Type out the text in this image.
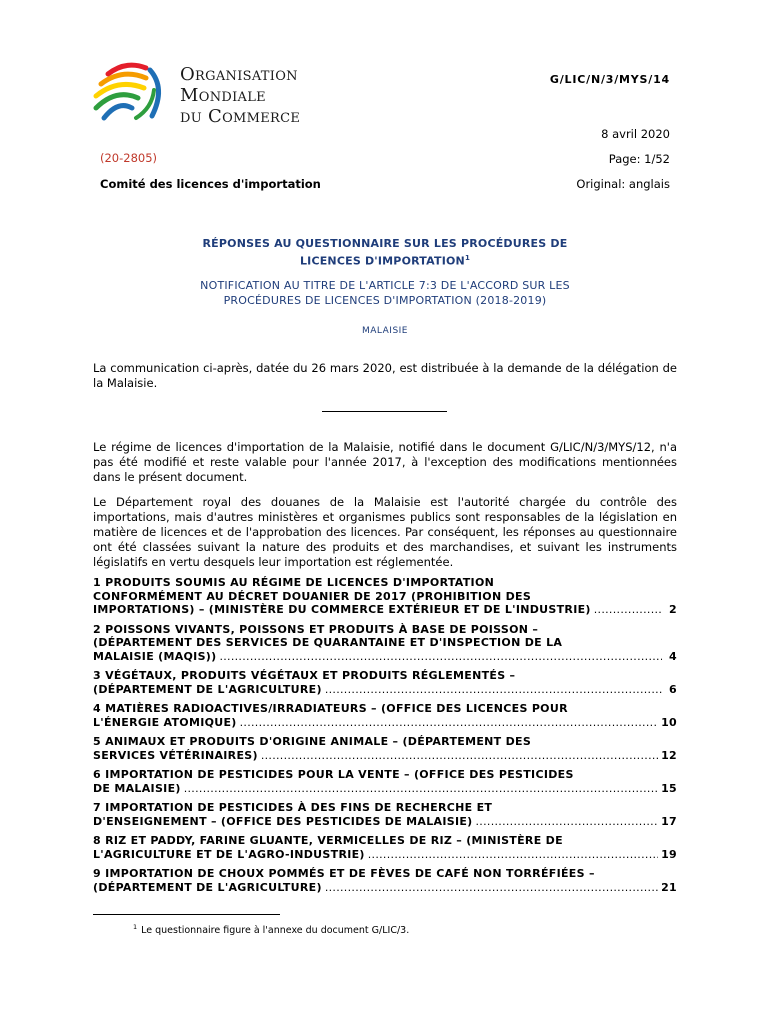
Organisation
Mondiale
du Commerce
G/LIC/N/3/MYS/14
8 avril 2020
(20-2805)	Page: 1/52
Comité des licences d'importation	Original: anglais
RÉPONSES AU QUESTIONNAIRE SUR LES PROCÉDURES DE
LICENCES D'IMPORTATION$^1$
NOTIFICATION AU TITRE DE L'ARTICLE 7:3 DE L'ACCORD SUR LES
PROCÉDURES DE LICENCES D'IMPORTATION (2018-2019)
MALAISIE
La communication ci-après, datée du 26 mars 2020, est distribuée à la demande de la délégation de la Malaisie.
Le régime de licences d'importation de la Malaisie, notifié dans le document G/LIC/N/3/MYS/12, n'a pas été modifié et reste valable pour l'année 2017, à l'exception des modifications mentionnées dans le présent document.
Le Département royal des douanes de la Malaisie est l'autorité chargée du contrôle des importations, mais d'autres ministères et organismes publics sont responsables de la législation en matière de licences et de l'approbation des licences. Par conséquent, les réponses au questionnaire ont été classées suivant la nature des produits et des marchandises, et suivant les instruments législatifs en vertu desquels leur importation est réglementée.
1 PRODUITS SOUMIS AU RÉGIME DE LICENCES D'IMPORTATION
CONFORMÉMENT AU DÉCRET DOUANIER DE 2017 (PROHIBITION DES
IMPORTATIONS) – (MINISTÈRE DU COMMERCE EXTÉRIEUR ET DE L'INDUSTRIE) .....	2
2 POISSONS VIVANTS, POISSONS ET PRODUITS À BASE DE POISSON –
(DÉPARTEMENT DES SERVICES DE QUARANTAINE ET D'INSPECTION DE LA
MALAISIE (MAQIS)) .....	4
3 VÉGÉTAUX, PRODUITS VÉGÉTAUX ET PRODUITS RÉGLEMENTÉS –
(DÉPARTEMENT DE L'AGRICULTURE) .....	6
4 MATIÈRES RADIOACTIVES/IRRADIATEURS – (OFFICE DES LICENCES POUR
L'ÉNERGIE ATOMIQUE) .....	10
5 ANIMAUX ET PRODUITS D'ORIGINE ANIMALE – (DÉPARTEMENT DES
SERVICES VÉTÉRINAIRES) .....	12
6 IMPORTATION DE PESTICIDES POUR LA VENTE – (OFFICE DES PESTICIDES
DE MALAISIE) .....	15
7 IMPORTATION DE PESTICIDES À DES FINS DE RECHERCHE ET
D'ENSEIGNEMENT – (OFFICE DES PESTICIDES DE MALAISIE) .....	17
8 RIZ ET PADDY, FARINE GLUANTE, VERMICELLES DE RIZ – (MINISTÈRE DE
L'AGRICULTURE ET DE L'AGRO-INDUSTRIE) .....	19
9 IMPORTATION DE CHOUX POMMÉS ET DE FÈVES DE CAFÉ NON TORRÉFIÉES –
(DÉPARTEMENT DE L'AGRICULTURE) .....	21
$^1$ Le questionnaire figure à l'annexe du document G/LIC/3.
